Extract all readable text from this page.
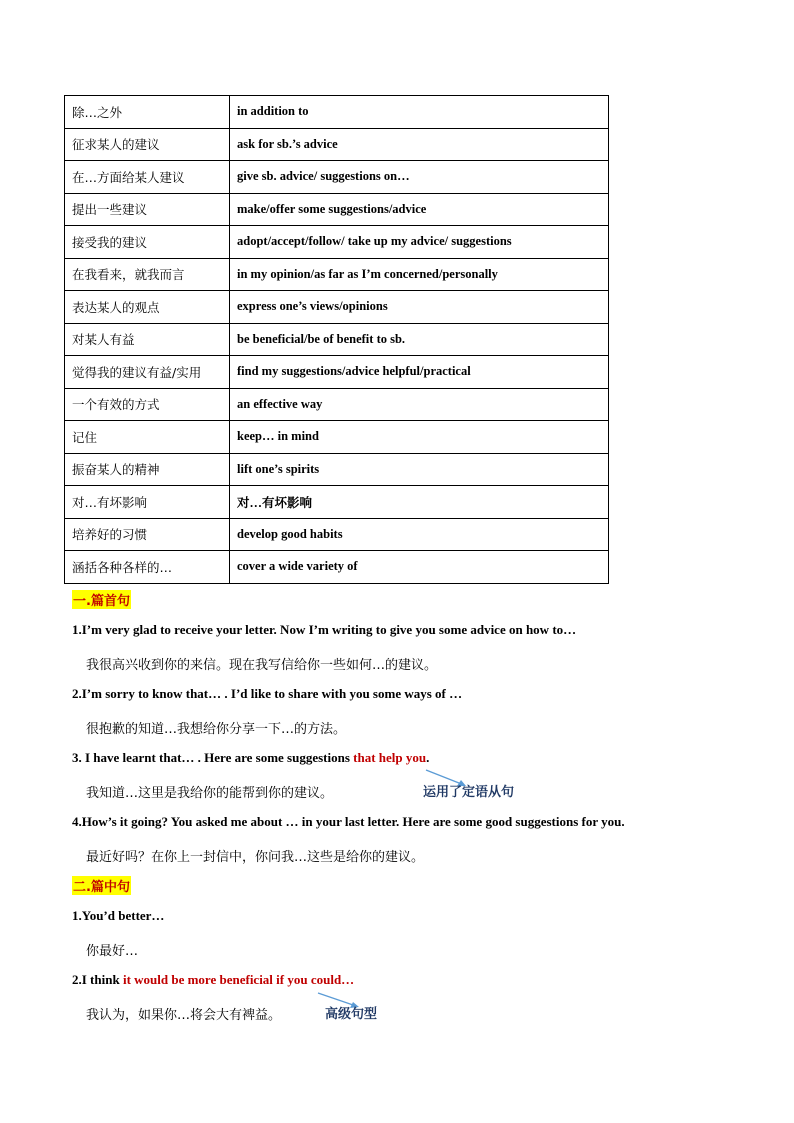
除…之外	in addition to
征求某人的建议	ask for sb.’s advice
在…方面给某人建议	give sb. advice/ suggestions on…
提出一些建议	make/offer some suggestions/advice
接受我的建议	adopt/accept/follow/ take up my advice/ suggestions
在我看来，就我而言	in my opinion/as far as I’m concerned/personally
表达某人的观点	express one’s views/opinions
对某人有益	be beneficial/be of benefit to sb.
觉得我的建议有益/实用	find my suggestions/advice helpful/practical
一个有效的方式	an effective way
记住	keep… in mind
振奋某人的精神	lift one’s spirits
对…有坏影响	对…有坏影响
培养好的习惯	develop good habits
涵括各种各样的…	cover a wide variety of
一.篇首句
1.I’m very glad to receive your letter. Now I’m writing to give you some advice on how to…
我很高兴收到你的来信。现在我写信给你一些如何…的建议。
2.I’m sorry to know that… . I’d like to share with you some ways of …
很抱歉的知道…我想给你分享一下…的方法。
3. I have learnt that… . Here are some suggestions that help you.
我知道…这里是我给你的能帮到你的建议。	运用了定语从句
4.How’s it going? You asked me about … in your last letter. Here are some good suggestions for you.
最近好吗？在你上一封信中，你问我…这些是给你的建议。
二.篇中句
1.You’d better…
你最好…
2.I think it would be more beneficial if you could…
我认为，如果你…将会大有裨益。	高级句型
